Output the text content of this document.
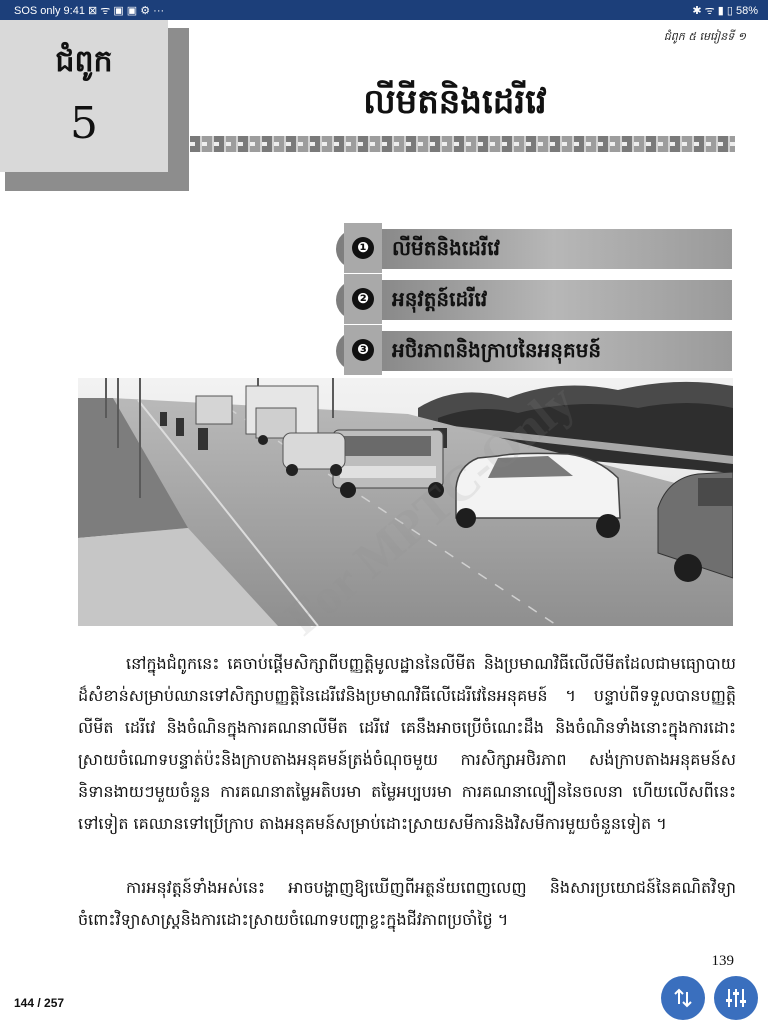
SOS only 9:41 ⊠ ᯤ ▣ ▣ ⚙ ···	✱ ᯤ ▮ ▯ 58%
ជំពូក ៥ មេរៀនទី ១
ជំពូក
5	លីមីតនិងដេរីវេ
❶ លីមីតនិងដេរីវេ
❷ អនុវត្តន៍ដេរីវេ
❸ អថិរភាពនិងក្រាបនៃអនុគមន៍

នៅក្នុងជំពូកនេះ គេចាប់ផ្តើមសិក្សាពីបញ្ញត្តិមូលដ្ឋាននៃលីមីត និងប្រមាណវិធីលើលីមីតដែលជាមធ្យោបាយដ៏សំខាន់សម្រាប់ឈានទៅសិក្សាបញ្ញត្តិនៃដេរីវេនិងប្រមាណវិធីលើដេរីវេនៃអនុគមន៍ ។ បន្ទាប់ពីទទួលបានបញ្ញត្តិលីមីត ដេរីវេ និងចំណិនក្នុងការគណនាលីមីត ដេរីវេ គេនឹងអាចប្រើចំណេះដឹង និងចំណិនទាំងនោះក្នុងការដោះស្រាយចំណោទបន្ទាត់ប៉ះនិងក្រាបតាងអនុគមន៍ត្រង់ចំណុចមួយ ការសិក្សាអថិរភាព សង់ក្រាបតាងអនុគមន៍សនិទានងាយៗមួយចំនួន ការគណនាតម្លៃអតិបរមា តម្លៃអប្បបរមា ការគណនាល្បឿននៃចលនា ហើយលើសពីនេះទៅទៀត គេឈានទៅប្រើក្រាប តាងអនុគមន៍សម្រាប់ដោះស្រាយសមីការនិងវិសមីការមួយចំនួនទៀត ។

ការអនុវត្តន៍ទាំងអស់នេះ អាចបង្ហាញឱ្យឃើញពីអត្ថន័យពេញលេញ និងសារប្រយោជន៍នៃគណិតវិទ្យាចំពោះវិទ្យាសាស្ត្រនិងការដោះស្រាយចំណោទបញ្ហាខ្លះក្នុងជីវភាពប្រចាំថ្ងៃ ។

139
144 / 257
